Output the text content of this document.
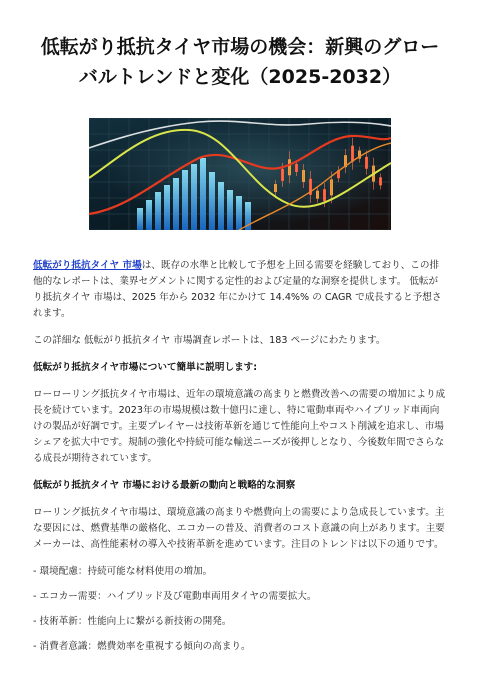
低転がり抵抗タイヤ市場の機会：新興のグロー
バルトレンドと変化（2025-2032）

低転がり抵抗タイヤ 市場は、既存の水準と比較して予想を上回る需要を経験しており、この排他的なレポートは、業界セグメントに関する定性的および定量的な洞察を提供します。 低転がり抵抗タイヤ 市場は、2025 年から 2032 年にかけて 14.4%% の CAGR で成長すると予想されます。

この詳細な 低転がり抵抗タイヤ 市場調査レポートは、183 ページにわたります。

低転がり抵抗タイヤ市場について簡単に説明します:

ローローリング抵抗タイヤ市場は、近年の環境意識の高まりと燃費改善への需要の増加により成長を続けています。2023年の市場規模は数十億円に達し、特に電動車両やハイブリッド車両向けの製品が好調です。主要プレイヤーは技術革新を通じて性能向上やコスト削減を追求し、市場シェアを拡大中です。規制の強化や持続可能な輸送ニーズが後押しとなり、今後数年間でさらなる成長が期待されています。

低転がり抵抗タイヤ 市場における最新の動向と戦略的な洞察

ローリング抵抗タイヤ市場は、環境意識の高まりや燃費向上の需要により急成長しています。主な要因には、燃費基準の厳格化、エコカーの普及、消費者のコスト意識の向上があります。主要メーカーは、高性能素材の導入や技術革新を進めています。注目のトレンドは以下の通りです。

- 環境配慮：持続可能な材料使用の増加。

- エコカー需要：ハイブリッド及び電動車両用タイヤの需要拡大。

- 技術革新：性能向上に繋がる新技術の開発。

- 消費者意識：燃費効率を重視する傾向の高まり。
